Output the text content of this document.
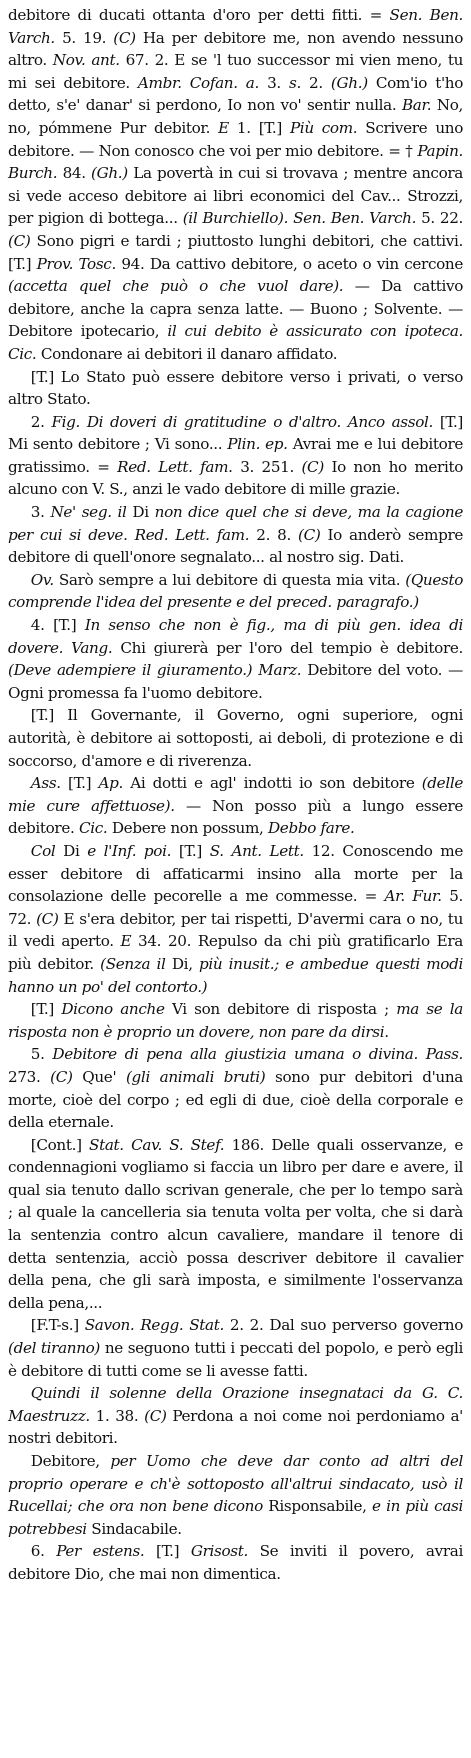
debitore di ducati ottanta d'oro per detti fitti. = Sen. Ben. Varch. 5. 19. (C) Ha per debitore me, non avendo nessuno altro. Nov. ant. 67. 2. E se 'l tuo successor mi vien meno, tu mi sei debitore. Ambr. Cofan. a. 3. s. 2. (Gh.) Com'io t'ho detto, s'e' danar' si perdono, Io non vo' sentir nulla. Bar. No, no, pómmene Pur debitor. E 1. [T.] Più com. Scrivere uno debitore. — Non conosco che voi per mio debitore. = † Papin. Burch. 84. (Gh.) La povertà in cui si trovava ; mentre ancora si vede acceso debitore ai libri economici del Cav... Strozzi, per pigion di bottega... (il Burchiello). Sen. Ben. Varch. 5. 22. (C) Sono pigri e tardi ; piuttosto lunghi debitori, che cattivi. [T.] Prov. Tosc. 94. Da cattivo debitore, o aceto o vin cercone (accetta quel che può o che vuol dare). — Da cattivo debitore, anche la capra senza latte. — Buono ; Solvente. — Debitore ipotecario, il cui debito è assicurato con ipoteca. Cic. Condonare ai debitori il danaro affidato.

[T.] Lo Stato può essere debitore verso i privati, o verso altro Stato.

2. Fig. Di doveri di gratitudine o d'altro. Anco assol. [T.] Mi sento debitore ; Vi sono... Plin. ep. Avrai me e lui debitore gratissimo. = Red. Lett. fam. 3. 251. (C) Io non ho merito alcuno con V. S., anzi le vado debitore di mille grazie.

3. Ne' seg. il Di non dice quel che si deve, ma la cagione per cui si deve. Red. Lett. fam. 2. 8. (C) Io anderò sempre debitore di quell'onore segnalato... al nostro sig. Dati.

Ov. Sarò sempre a lui debitore di questa mia vita. (Questo comprende l'idea del presente e del preced. paragrafo.)

4. [T.] In senso che non è fig., ma di più gen. idea di dovere. Vang. Chi giurerà per l'oro del tempio è debitore. (Deve adempiere il giuramento.) Marz. Debitore del voto. — Ogni promessa fa l'uomo debitore.

[T.] Il Governante, il Governo, ogni superiore, ogni autorità, è debitore ai sottoposti, ai deboli, di protezione e di soccorso, d'amore e di riverenza.

Ass. [T.] Ap. Ai dotti e agl' indotti io son debitore (delle mie cure affettuose). — Non posso più a lungo essere debitore. Cic. Debere non possum, Debbo fare.

Col Di e l'Inf. poi. [T.] S. Ant. Lett. 12. Conoscendo me esser debitore di affaticarmi insino alla morte per la consolazione delle pecorelle a me commesse. = Ar. Fur. 5. 72. (C) E s'era debitor, per tai rispetti, D'avermi cara o no, tu il vedi aperto. E 34. 20. Repulso da chi più gratificarlo Era più debitor. (Senza il Di, più inusit.; e ambedue questi modi hanno un po' del contorto.)

[T.] Dicono anche Vi son debitore di risposta ; ma se la risposta non è proprio un dovere, non pare da dirsi.

5. Debitore di pena alla giustizia umana o divina. Pass. 273. (C) Que' (gli animali bruti) sono pur debitori d'una morte, cioè del corpo ; ed egli di due, cioè della corporale e della eternale.

[Cont.] Stat. Cav. S. Stef. 186. Delle quali osservanze, e condennagioni vogliamo si faccia un libro per dare e avere, il qual sia tenuto dallo scrivan generale, che per lo tempo sarà ; al quale la cancelleria sia tenuta volta per volta, che si darà la sentenzia contro alcun cavaliere, mandare il tenore di detta sentenzia, acciò possa descriver debitore il cavalier della pena, che gli sarà imposta, e similmente l'osservanza della pena,...

[F.T-s.] Savon. Regg. Stat. 2. 2. Dal suo perverso governo (del tiranno) ne seguono tutti i peccati del popolo, e però egli è debitore di tutti come se li avesse fatti.

Quindi il solenne della Orazione insegnataci da G. C. Maestruzz. 1. 38. (C) Perdona a noi come noi perdoniamo a' nostri debitori.

Debitore, per Uomo che deve dar conto ad altri del proprio operare e ch'è sottoposto all'altrui sindacato, usò il Rucellai; che ora non bene dicono Risponsabile, e in più casi potrebbesi Sindacabile.

6. Per estens. [T.] Grisost. Se inviti il povero, avrai debitore Dio, che mai non dimentica.
